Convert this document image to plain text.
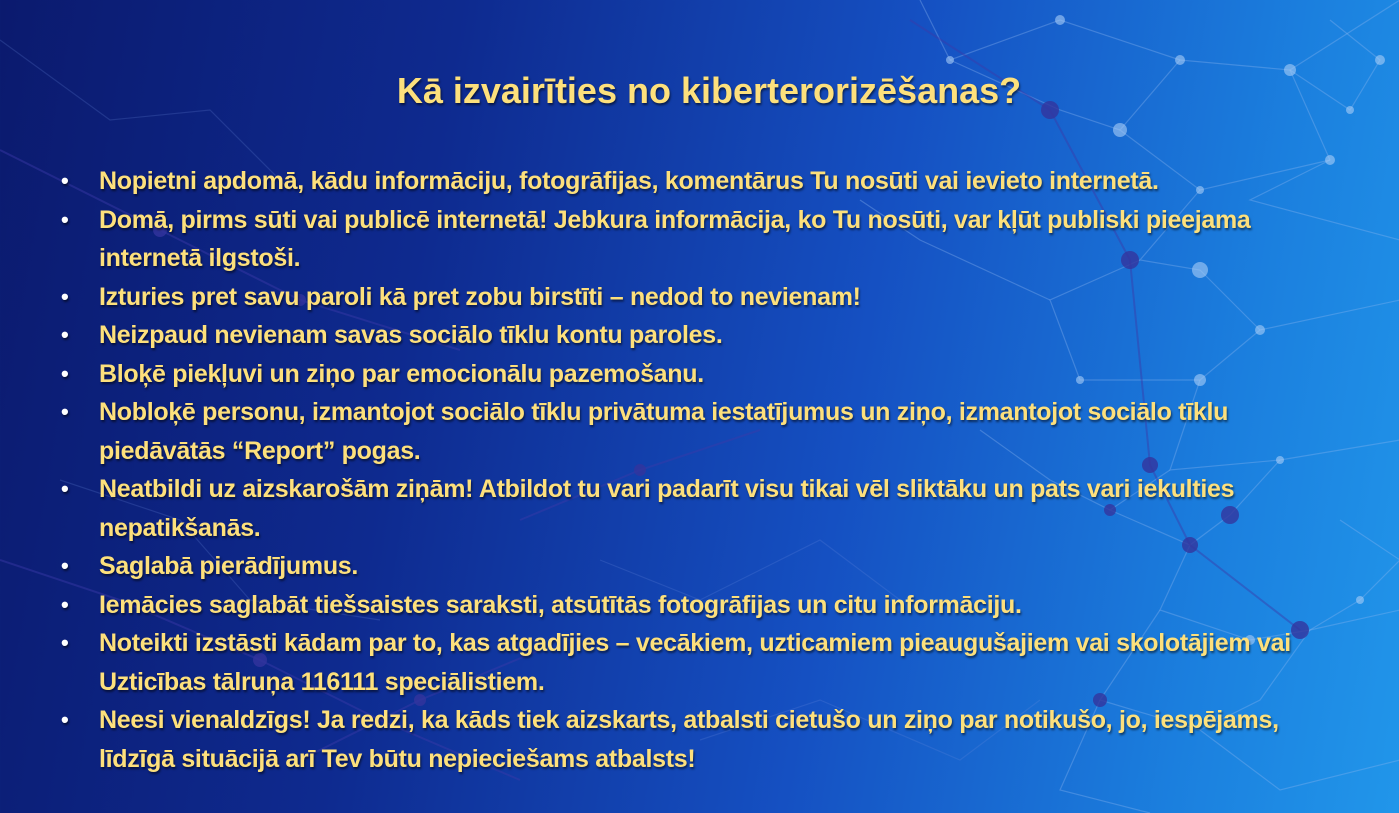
Kā izvairīties no kiberterorizēšanas?
• Nopietni apdomā, kādu informāciju, fotogrāfijas, komentārus Tu nosūti vai ievieto internetā.
• Domā, pirms sūti vai publicē internetā! Jebkura informācija, ko Tu nosūti, var kļūt publiski pieejama internetā ilgstoši.
• Izturies pret savu paroli kā pret zobu birstīti – nedod to nevienam!
• Neizpaud nevienam savas sociālo tīklu kontu paroles.
• Bloķē piekļuvi un ziņo par emocionālu pazemošanu.
• Nobloķē personu, izmantojot sociālo tīklu privātuma iestatījumus un ziņo, izmantojot sociālo tīklu piedāvātās “Report” pogas.
• Neatbildi uz aizskarošām ziņām! Atbildot tu vari padarīt visu tikai vēl sliktāku un pats vari iekulties nepatikšanās.
• Saglabā pierādījumus.
• Iemācies saglabāt tiešsaistes saraksti, atsūtītās fotogrāfijas un citu informāciju.
• Noteikti izstāsti kādam par to, kas atgadījies – vecākiem, uzticamiem pieaugušajiem vai skolotājiem vai Uzticības tālruņa 116111 speciālistiem.
• Neesi vienaldzīgs! Ja redzi, ka kāds tiek aizskarts, atbalsti cietušo un ziņo par notikušo, jo, iespējams, līdzīgā situācijā arī Tev būtu nepieciešams atbalsts!
